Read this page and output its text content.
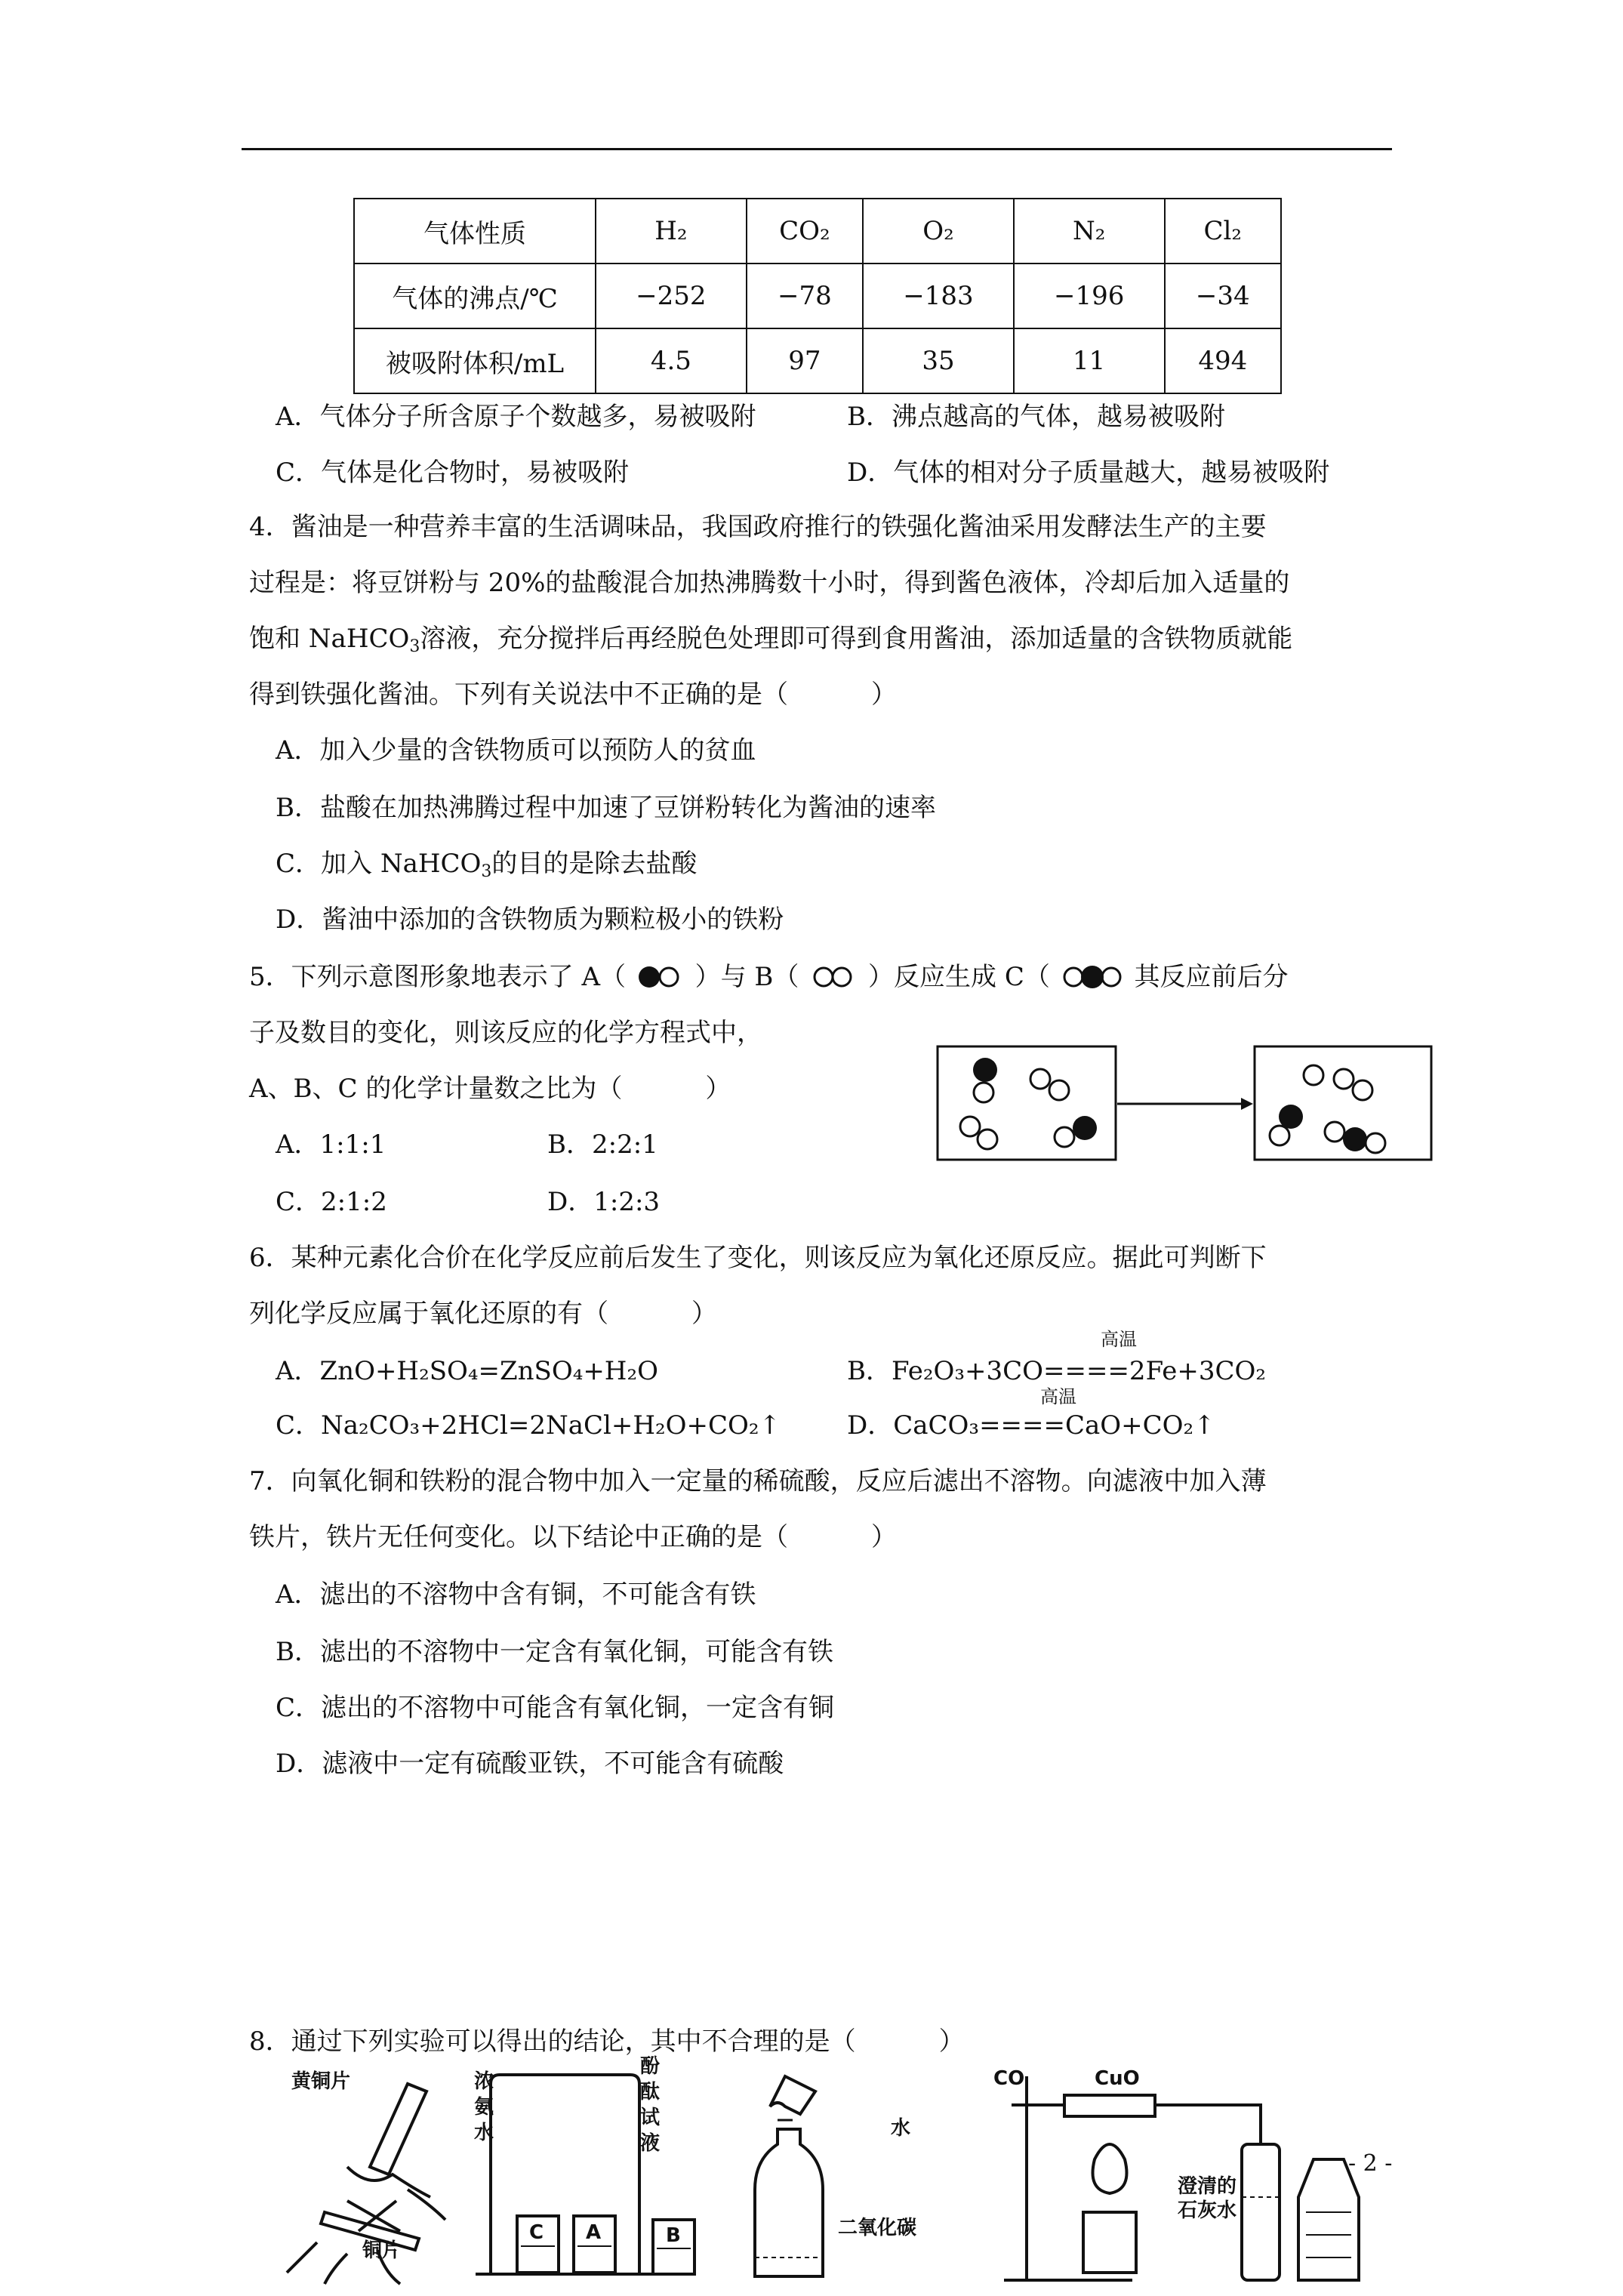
气体性质	H₂	CO₂	O₂	N₂	Cl₂
气体的沸点/℃	−252	−78	−183	−196	−34
被吸附体积/mL	4.5	97	35	11	494
A．气体分子所含原子个数越多，易被吸附	B．沸点越高的气体，越易被吸附
C．气体是化合物时，易被吸附	D．气体的相对分子质量越大，越易被吸附
4．酱油是一种营养丰富的生活调味品，我国政府推行的铁强化酱油采用发酵法生产的主要
过程是：将豆饼粉与 20%的盐酸混合加热沸腾数十小时，得到酱色液体，冷却后加入适量的
饱和 NaHCO$_3$溶液，充分搅拌后再经脱色处理即可得到食用酱油，添加适量的含铁物质就能
得到铁强化酱油。下列有关说法中不正确的是（	）
A．加入少量的含铁物质可以预防人的贫血
B．盐酸在加热沸腾过程中加速了豆饼粉转化为酱油的速率
C．加入 NaHCO$_3$的目的是除去盐酸
D．酱油中添加的含铁物质为颗粒极小的铁粉
5．下列示意图形象地表示了 A（	）与 B（	）反应生成 C（	其反应前后分
子及数目的变化，则该反应的化学方程式中，
A、B、C 的化学计量数之比为（	）
A．1:1:1	B．2:2:1
C．2:1:2	D．1:2:3
6．某种元素化合价在化学反应前后发生了变化，则该反应为氧化还原反应。据此可判断下
列化学反应属于氧化还原的有（	）
高温
A．ZnO+H₂SO₄=ZnSO₄+H₂O	B．Fe₂O₃+3CO====2Fe+3CO₂
高温
C．Na₂CO₃+2HCl=2NaCl+H₂O+CO₂↑	D．CaCO₃====CaO+CO₂↑
7．向氧化铜和铁粉的混合物中加入一定量的稀硫酸，反应后滤出不溶物。向滤液中加入薄
铁片，铁片无任何变化。以下结论中正确的是（	）
A．滤出的不溶物中含有铜，不可能含有铁
B．滤出的不溶物中一定含有氧化铜，可能含有铁
C．滤出的不溶物中可能含有氧化铜，一定含有铜
D．滤液中一定有硫酸亚铁，不可能含有硫酸
8．通过下列实验可以得出的结论，其中不合理的是（	）
黄铜片
铜片
浓氨水
酚酞试液
C A	B
水
二氧化碳
CO	CuO
澄清的石灰水
- 2 -
